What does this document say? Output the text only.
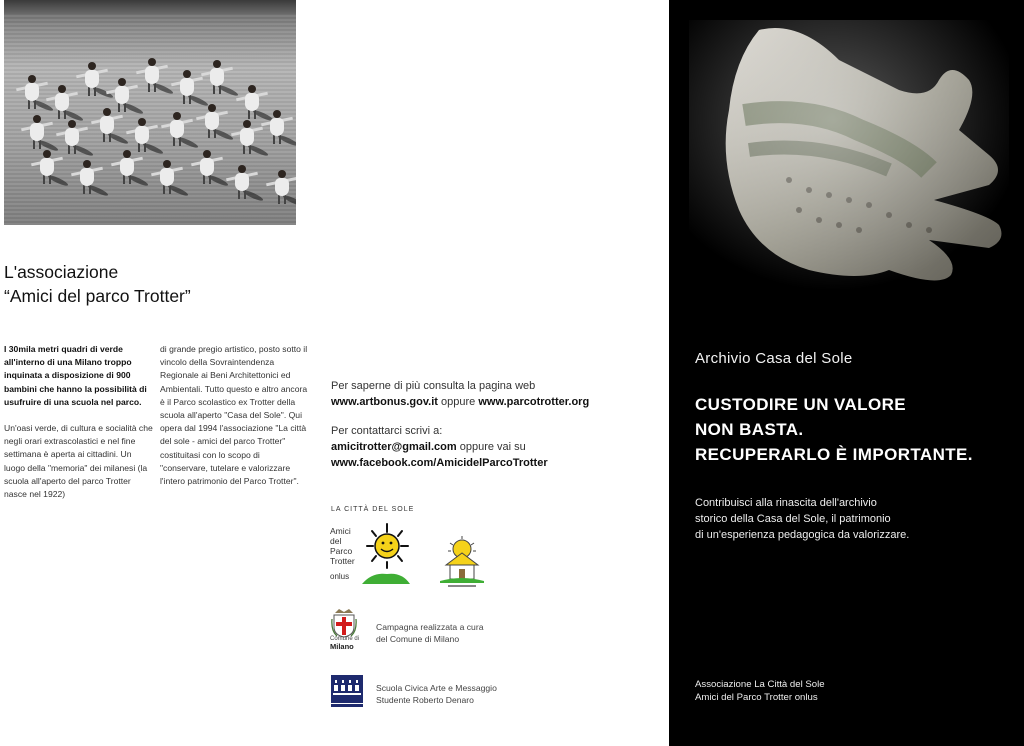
L'associazione
“Amici del parco Trotter”

I 30mila metri quadri di verde all'interno di una Milano troppo inquinata a disposizione di 900 bambini che hanno la possibilità di usufruire di una scuola nel parco.

Un'oasi verde, di cultura e socialità che negli orari extrascolastici e nel fine settimana è aperta ai cittadini. Un luogo della "memoria" dei milanesi (la scuola all'aperto del parco Trotter nasce nel 1922)

di grande pregio artistico, posto sotto il vincolo della Sovraintendenza Regionale ai Beni Architettonici ed Ambientali. Tutto questo e altro ancora è il Parco scolastico ex Trotter della scuola all'aperto "Casa del Sole". Qui opera dal 1994 l'associazione "La città del sole - amici del parco Trotter" costituitasi con lo scopo di "conservare, tutelare e valorizzare l'intero patrimonio del Parco Trotter".

Per saperne di più consulta la pagina web
www.artbonus.gov.it oppure www.parcotrotter.org
Per contattarci scrivi a:
amicitrotter@gmail.com oppure vai su
www.facebook.com/AmicidelParcoTrotter
LA CITTÀ DEL SOLE
Amici
del
Parco
Trotter
onlus
Comune di
Milano
Campagna realizzata a cura
del Comune di Milano
Scuola Civica Arte e Messaggio
Studente Roberto Denaro
Archivio Casa del Sole
CUSTODIRE UN VALORE
NON BASTA.
RECUPERARLO È IMPORTANTE.
Contribuisci alla rinascita dell'archivio
storico della Casa del Sole, il patrimonio
di un'esperienza pedagogica da valorizzare.
Associazione La Città del Sole
Amici del Parco Trotter onlus
